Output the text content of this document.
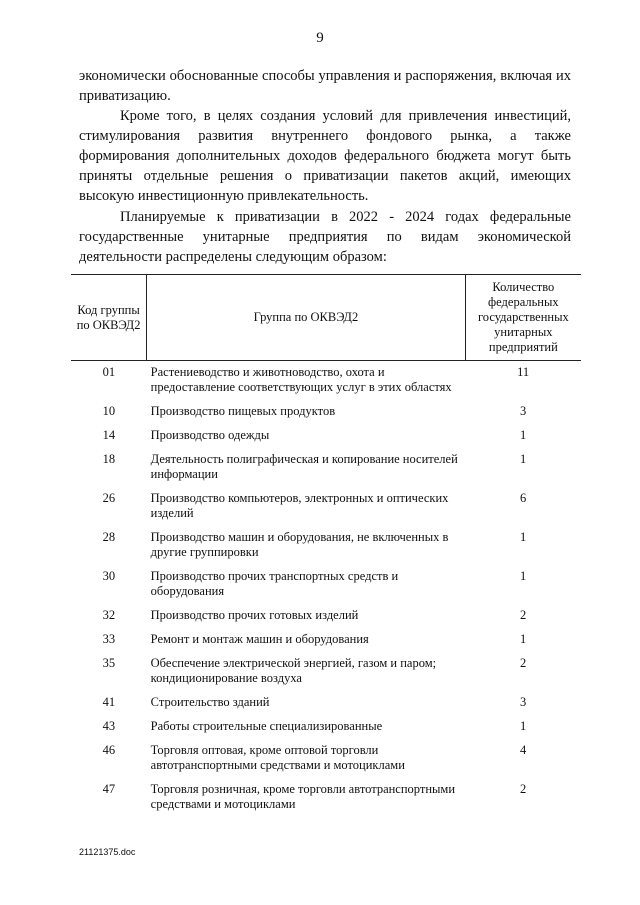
9

экономически обоснованные способы управления и распоряжения, включая их приватизацию.

Кроме того, в целях создания условий для привлечения инвестиций, стимулирования развития внутреннего фондового рынка, а также формирования дополнительных доходов федерального бюджета могут быть приняты отдельные решения о приватизации пакетов акций, имеющих высокую инвестиционную привлекательность.

Планируемые к приватизации в 2022 - 2024 годах федеральные государственные унитарные предприятия по видам экономической деятельности распределены следующим образом:

Код группы по ОКВЭД2	Группа по ОКВЭД2	Количество федеральных государственных унитарных предприятий
01	Растениеводство и животноводство, охота и предоставление соответствующих услуг в этих областях	11
10	Производство пищевых продуктов	3
14	Производство одежды	1
18	Деятельность полиграфическая и копирование носителей информации	1
26	Производство компьютеров, электронных и оптических изделий	6
28	Производство машин и оборудования, не включенных в другие группировки	1
30	Производство прочих транспортных средств и оборудования	1
32	Производство прочих готовых изделий	2
33	Ремонт и монтаж машин и оборудования	1
35	Обеспечение электрической энергией, газом и паром; кондиционирование воздуха	2
41	Строительство зданий	3
43	Работы строительные специализированные	1
46	Торговля оптовая, кроме оптовой торговли автотранспортными средствами и мотоциклами	4
47	Торговля розничная, кроме торговли автотранспортными средствами и мотоциклами	2
21121375.doc
